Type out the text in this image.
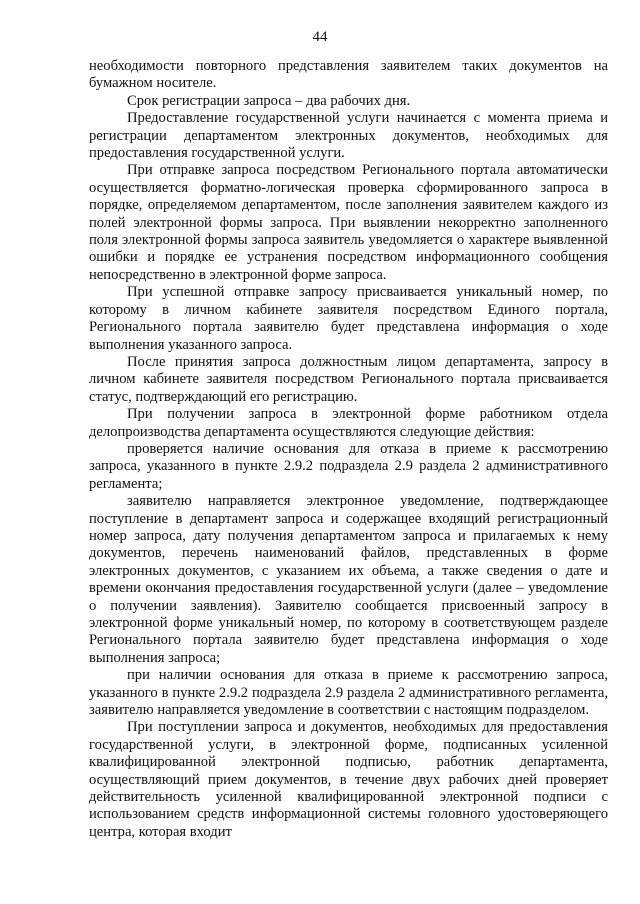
44

необходимости повторного представления заявителем таких документов на бумажном носителе.

Срок регистрации запроса – два рабочих дня.

Предоставление государственной услуги начинается с момента приема и регистрации департаментом электронных документов, необходимых для предоставления государственной услуги.

При отправке запроса посредством Регионального портала автоматически осуществляется форматно-логическая проверка сформированного запроса в порядке, определяемом департаментом, после заполнения заявителем каждого из полей электронной формы запроса. При выявлении некорректно заполненного поля электронной формы запроса заявитель уведомляется о характере выявленной ошибки и порядке ее устранения посредством информационного сообщения непосредственно в электронной форме запроса.

При успешной отправке запросу присваивается уникальный номер, по которому в личном кабинете заявителя посредством Единого портала, Регионального портала заявителю будет представлена информация о ходе выполнения указанного запроса.

После принятия запроса должностным лицом департамента, запросу в личном кабинете заявителя посредством Регионального портала присваивается статус, подтверждающий его регистрацию.

При получении запроса в электронной форме работником отдела делопроизводства департамента осуществляются следующие действия:

проверяется наличие основания для отказа в приеме к рассмотрению запроса, указанного в пункте 2.9.2 подраздела 2.9 раздела 2 административного регламента;

заявителю направляется электронное уведомление, подтверждающее поступление в департамент запроса и содержащее входящий регистрационный номер запроса, дату получения департаментом запроса и прилагаемых к нему документов, перечень наименований файлов, представленных в форме электронных документов, с указанием их объема, а также сведения о дате и времени окончания предоставления государственной услуги (далее – уведомление о получении заявления). Заявителю сообщается присвоенный запросу в электронной форме уникальный номер, по которому в соответствующем разделе Регионального портала заявителю будет представлена информация о ходе выполнения запроса;

при наличии основания для отказа в приеме к рассмотрению запроса, указанного в пункте 2.9.2 подраздела 2.9 раздела 2 административного регламента, заявителю направляется уведомление в соответствии с настоящим подразделом.

При поступлении запроса и документов, необходимых для предоставления государственной услуги, в электронной форме, подписанных усиленной квалифицированной электронной подписью, работник департамента, осуществляющий прием документов, в течение двух рабочих дней проверяет действительность усиленной квалифицированной электронной подписи с использованием средств информационной системы головного удостоверяющего центра, которая входит
